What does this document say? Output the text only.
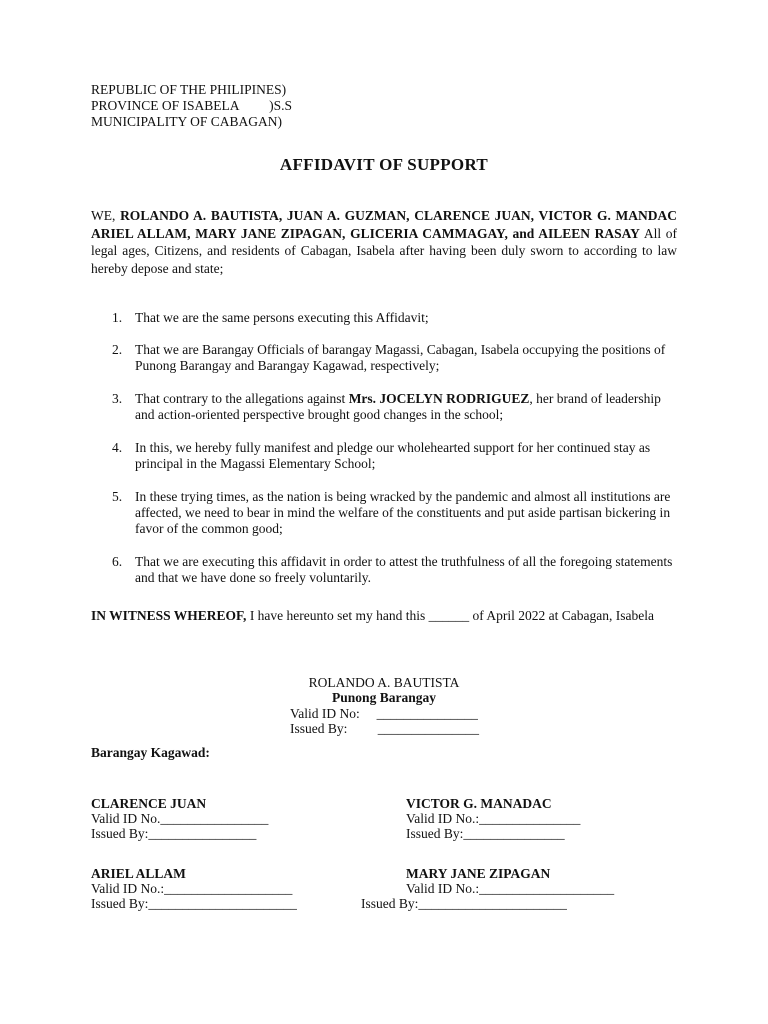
REPUBLIC OF THE PHILIPINES)
PROVINCE OF ISABELA         )S.S
MUNICIPALITY OF CABAGAN)
AFFIDAVIT OF SUPPORT
WE, ROLANDO A. BAUTISTA, JUAN A. GUZMAN, CLARENCE JUAN, VICTOR G. MANDAC ARIEL ALLAM, MARY JANE ZIPAGAN, GLICERIA CAMMAGAY, and AILEEN RASAY All of legal ages, Citizens, and residents of Cabagan, Isabela after having been duly sworn to according to law hereby depose and state;
1. That we are the same persons executing this Affidavit;
2. That we are Barangay Officials of barangay Magassi, Cabagan, Isabela occupying the positions of Punong Barangay and Barangay Kagawad, respectively;
3. That contrary to the allegations against Mrs. JOCELYN RODRIGUEZ, her brand of leadership and action-oriented perspective brought good changes in the school;
4. In this, we hereby fully manifest and pledge our wholehearted support for her continued stay as principal in the Magassi Elementary School;
5. In these trying times, as the nation is being wracked by the pandemic and almost all institutions are affected, we need to bear in mind the welfare of the constituents and put aside partisan bickering in favor of the common good;
6. That we are executing this affidavit in order to attest the truthfulness of all the foregoing statements and that we have done so freely voluntarily.
IN WITNESS WHEREOF, I have hereunto set my hand this ______ of April 2022 at Cabagan, Isabela
ROLANDO A. BAUTISTA
Punong Barangay
Valid ID No:     _______________
Issued By:         _______________
Barangay Kagawad:
CLARENCE JUAN
Valid ID No.________________
Issued By:________________
VICTOR G. MANADAC
Valid ID No.:_______________
Issued By:_______________
ARIEL ALLAM
Valid ID No.:___________________
Issued By:______________________
MARY JANE ZIPAGAN
Valid ID No.:____________________
Issued By:______________________
